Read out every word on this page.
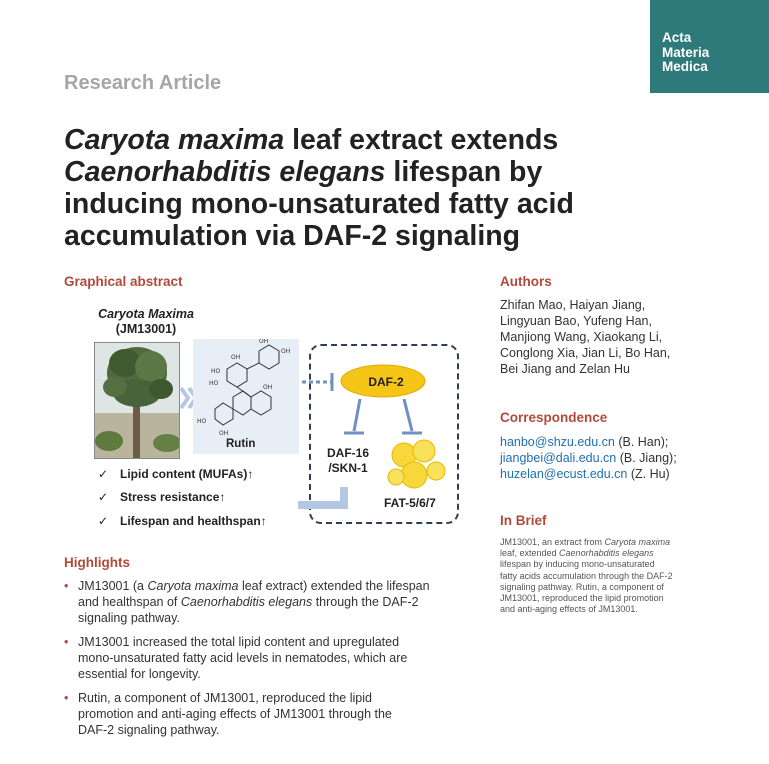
Acta
Materia
Medica
Research Article
Caryota maxima leaf extract extends
Caenorhabditis elegans lifespan by
inducing mono-unsaturated fatty acid
accumulation via DAF-2 signaling
Graphical abstract
Caryota Maxima
(JM13001)
OH
HO
HO
OH
OH
OH
HO
OH
Rutin
DAF-2
DAF-16
/SKN-1
FAT-5/6/7
✓ Lipid content (MUFAs)↑
✓ Stress resistance↑
✓ Lifespan and healthspan↑
Authors
Zhifan Mao, Haiyan Jiang,
Lingyuan Bao, Yufeng Han,
Manjiong Wang, Xiaokang Li,
Conglong Xia, Jian Li, Bo Han,
Bei Jiang and Zelan Hu
Correspondence
hanbo@shzu.edu.cn (B. Han);
jiangbei@dali.edu.cn (B. Jiang);
huzelan@ecust.edu.cn (Z. Hu)
In Brief
JM13001, an extract from Caryota maxima
leaf, extended Caenorhabditis elegans
lifespan by inducing mono-unsaturated
fatty acids accumulation through the DAF-2
signaling pathway. Rutin, a component of
JM13001, reproduced the lipid promotion
and anti-aging effects of JM13001.
Highlights
• JM13001 (a Caryota maxima leaf extract) extended the lifespan
and healthspan of Caenorhabditis elegans through the DAF-2
signaling pathway.
• JM13001 increased the total lipid content and upregulated
mono-unsaturated fatty acid levels in nematodes, which are
essential for longevity.
• Rutin, a component of JM13001, reproduced the lipid
promotion and anti-aging effects of JM13001 through the
DAF-2 signaling pathway.
